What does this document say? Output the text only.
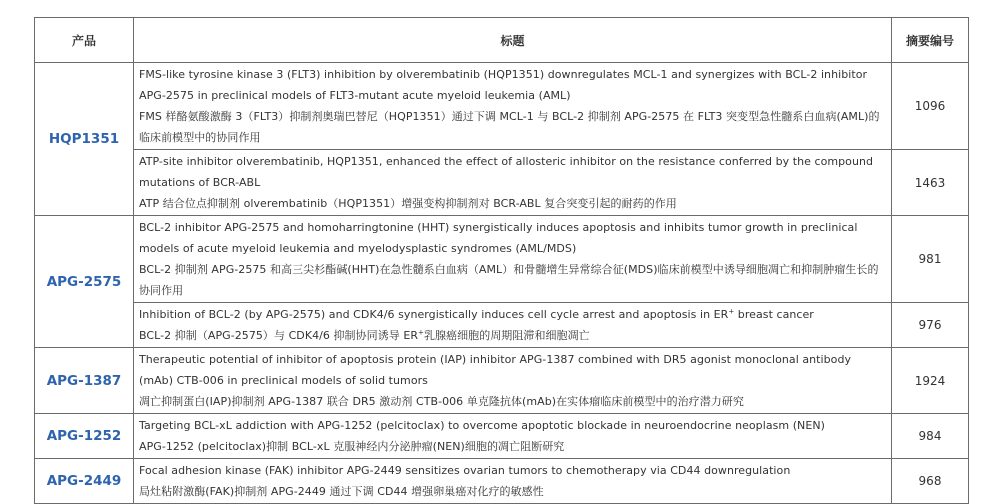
产品	标题	摘要编号
HQP1351	FMS-like tyrosine kinase 3 (FLT3) inhibition by olverembatinib (HQP1351) downregulates MCL-1 and synergizes with BCL-2 inhibitor APG-2575 in preclinical models of FLT3-mutant acute myeloid leukemia (AML)
FMS 样酪氨酸激酶 3（FLT3）抑制剂奥瑞巴替尼（HQP1351）通过下调 MCL-1 与 BCL-2 抑制剂 APG-2575 在 FLT3 突变型急性髓系白血病(AML)的临床前模型中的协同作用	1096

	ATP-site inhibitor olverembatinib, HQP1351, enhanced the effect of allosteric inhibitor on the resistance conferred by the compound mutations of BCR-ABL
ATP 结合位点抑制剂 olverembatinib（HQP1351）增强变构抑制剂对 BCR-ABL 复合突变引起的耐药的作用	1463
APG-2575	BCL-2 inhibitor APG-2575 and homoharringtonine (HHT) synergistically induces apoptosis and inhibits tumor growth in preclinical models of acute myeloid leukemia and myelodysplastic syndromes (AML/MDS)
BCL-2 抑制剂 APG-2575 和高三尖杉酯碱(HHT)在急性髓系白血病（AML）和骨髓增生异常综合征(MDS)临床前模型中诱导细胞凋亡和抑制肿瘤生长的协同作用	981

	Inhibition of BCL-2 (by APG-2575) and CDK4/6 synergistically induces cell cycle arrest and apoptosis in ER+ breast cancer
BCL-2 抑制（APG-2575）与 CDK4/6 抑制协同诱导 ER+乳腺癌细胞的周期阻滞和细胞凋亡	976
APG-1387	Therapeutic potential of inhibitor of apoptosis protein (IAP) inhibitor APG-1387 combined with DR5 agonist monoclonal antibody (mAb) CTB-006 in preclinical models of solid tumors
凋亡抑制蛋白(IAP)抑制剂 APG-1387 联合 DR5 激动剂 CTB-006 单克隆抗体(mAb)在实体瘤临床前模型中的治疗潜力研究	1924
APG-1252	Targeting BCL-xL addiction with APG-1252 (pelcitoclax) to overcome apoptotic blockade in neuroendocrine neoplasm (NEN)
APG-1252 (pelcitoclax)抑制 BCL-xL 克服神经内分泌肿瘤(NEN)细胞的凋亡阻断研究	984
APG-2449	Focal adhesion kinase (FAK) inhibitor APG-2449 sensitizes ovarian tumors to chemotherapy via CD44 downregulation
局灶粘附激酶(FAK)抑制剂 APG-2449 通过下调 CD44 增强卵巢癌对化疗的敏感性	968
